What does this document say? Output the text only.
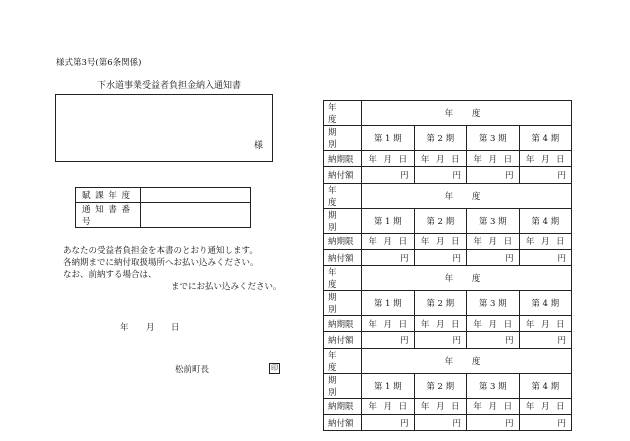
様式第3号(第6条関係)
下水道事業受益者負担金納入通知書
様
賦 課 年 度	
通 知 書 番 号	
あなたの受益者負担金を本書のとおり通知します。
各納期までに納付取扱場所へお払い込みください。
なお、前納する場合は、
までにお払い込みください。
年 月 日
松前町長	印
年　度	年 度			
期　別	第 1 期	第 2 期	第 3 期	第 4 期
納期限	年 月 日	年 月 日	年 月 日	年 月 日

納付額	円	円	円	円
年　度	年 度			
期　別	第 1 期	第 2 期	第 3 期	第 4 期
納期限	年 月 日	年 月 日	年 月 日	年 月 日

納付額	円	円	円	円
年　度	年 度			
期　別	第 1 期	第 2 期	第 3 期	第 4 期
納期限	年 月 日	年 月 日	年 月 日	年 月 日

納付額	円	円	円	円
年　度	年 度			
期　別	第 1 期	第 2 期	第 3 期	第 4 期
納期限	年 月 日	年 月 日	年 月 日	年 月 日

納付額	円	円	円	円
